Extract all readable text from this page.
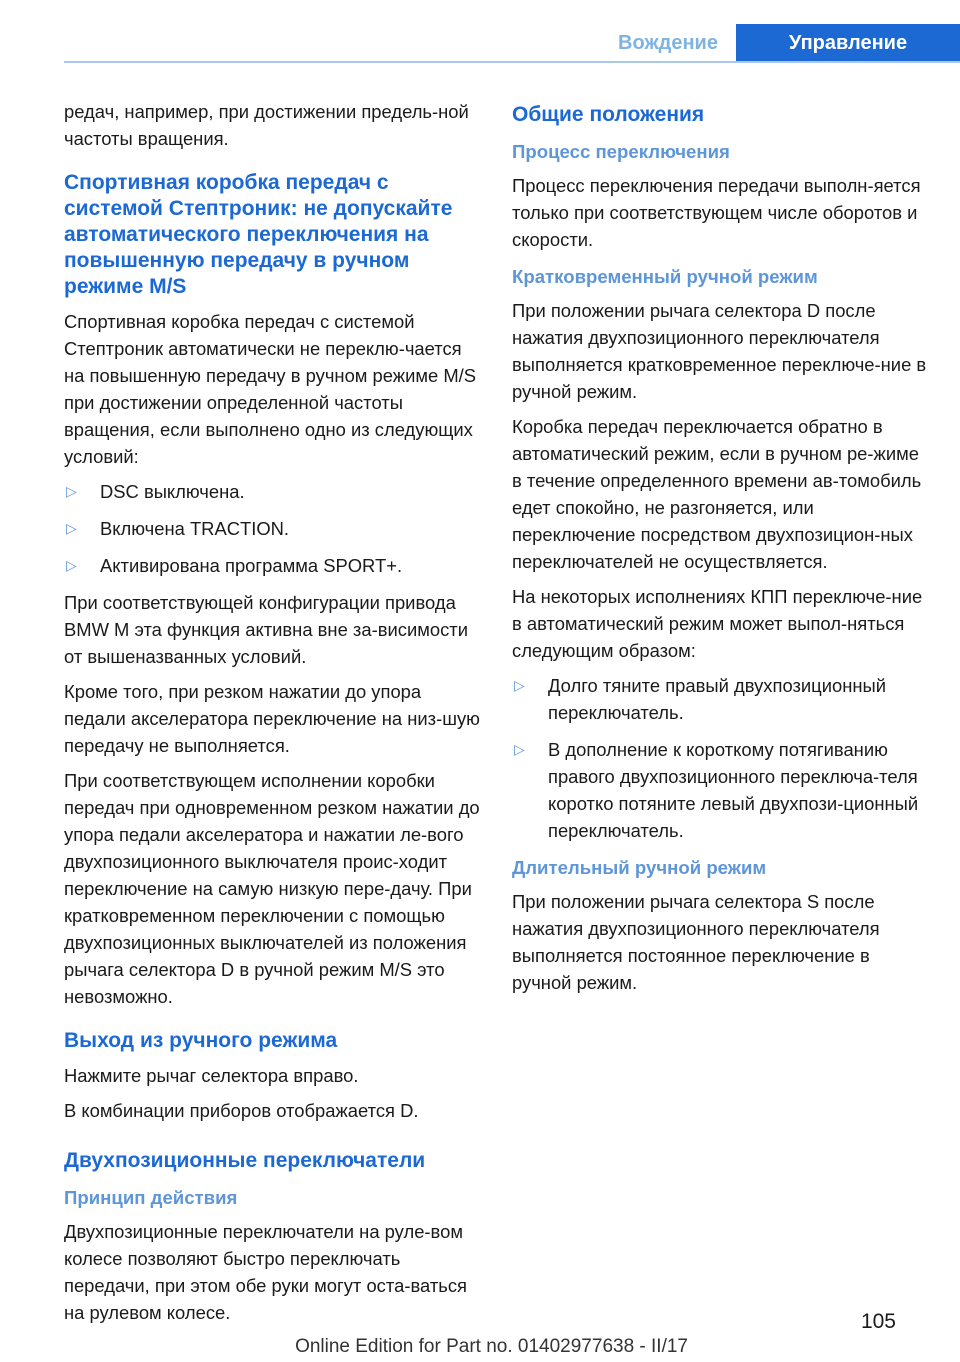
Вождение	Управление

редач, например, при достижении предель‐ной частоты вращения.

Спортивная коробка передач с системой Стептроник: не допускайте автоматического переключения на повышенную передачу в ручном режиме M/S

Спортивная коробка передач с системой Стептроник автоматически не переклю‐чается на повышенную передачу в ручном режиме M/S при достижении определенной частоты вращения, если выполнено одно из следующих условий:

▷	DSC выключена.
▷	Включена TRACTION.
▷	Активирована программа SPORT+.

При соответствующей конфигурации привода BMW M эта функция активна вне за‐висимости от вышеназванных условий.

Кроме того, при резком нажатии до упора педали акселератора переключение на низ‐шую передачу не выполняется.

При соответствующем исполнении коробки передач при одновременном резком нажатии до упора педали акселератора и нажатии ле‐вого двухпозиционного выключателя проис‐ходит переключение на самую низкую пере‐дачу. При кратковременном переключении с помощью двухпозиционных выключателей из положения рычага селектора D в ручной режим M/S это невозможно.

Выход из ручного режима

Нажмите рычаг селектора вправо.

В комбинации приборов отображается D.

Двухпозиционные переключатели
Принцип действия

Двухпозиционные переключатели на руле‐вом колесе позволяют быстро переключать передачи, при этом обе руки могут оста‐ваться на рулевом колесе.

Общие положения
Процесс переключения

Процесс переключения передачи выполн‐яется только при соответствующем числе оборотов и скорости.

Кратковременный ручной режим

При положении рычага селектора D после нажатия двухпозиционного переключателя выполняется кратковременное переключе‐ние в ручной режим.

Коробка передач переключается обратно в автоматический режим, если в ручном ре‐жиме в течение определенного времени ав‐томобиль едет спокойно, не разгоняется, или переключение посредством двухпозицион‐ных переключателей не осуществляется.

На некоторых исполнениях КПП переключе‐ние в автоматический режим может выпол‐няться следующим образом:

▷	Долго тяните правый двухпозиционный переключатель.
▷	В дополнение к короткому потягиванию правого двухпозиционного переключа‐теля коротко потяните левый двухпози‐ционный переключатель.
Длительный ручной режим

При положении рычага селектора S после нажатия двухпозиционного переключателя выполняется постоянное переключение в ручной режим.

105
Online Edition for Part no. 01402977638 - II/17
